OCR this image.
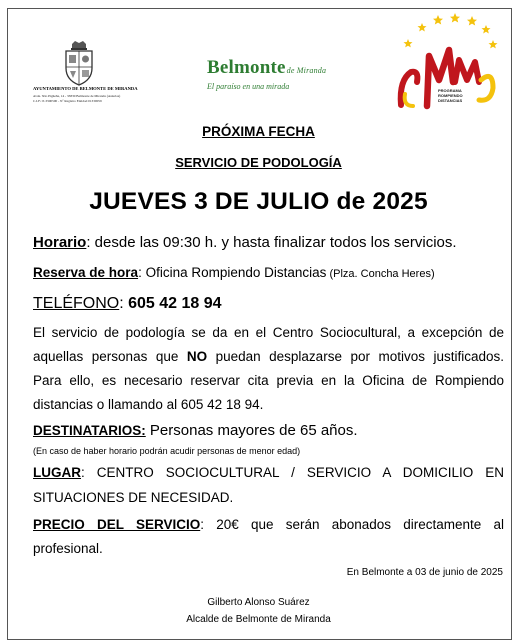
AYUNTAMIENTO DE BELMONTE DE MIRANDA
Avda. 'Río Pigüeña, 14 - 33830 Belmonte de Miranda (Asturias)
C.I.F.: P-3300500 - Nº Registro Entidad 01330059
Belmontede Miranda
El paraíso en una mirada	PROGRAMA
ROMPIENDO
DISTANCIAS
PRÓXIMA FECHA
SERVICIO DE PODOLOGÍA
JUEVES 3 DE JULIO de 2025
Horario: desde las 09:30 h. y hasta finalizar todos los servicios.
Reserva de hora: Oficina Rompiendo Distancias (Plza. Concha Heres)
TELÉFONO: 605 42 18 94
El servicio de podología se da en el Centro Sociocultural, a excepción de
aquellas personas que NO puedan desplazarse por motivos justificados.
Para ello, es necesario reservar cita previa en la Oficina de Rompiendo
distancias o llamando al 605 42 18 94.
DESTINATARIOS: Personas mayores de 65 años.
(En caso de haber horario podrán acudir personas de menor edad)
LUGAR: CENTRO SOCIOCULTURAL / SERVICIO A DOMICILIO EN
SITUACIONES DE NECESIDAD.
PRECIO DEL SERVICIO: 20€ que serán abonados directamente al
profesional.
En Belmonte a 03 de junio de 2025
Gilberto Alonso Suárez
Alcalde de Belmonte de Miranda
